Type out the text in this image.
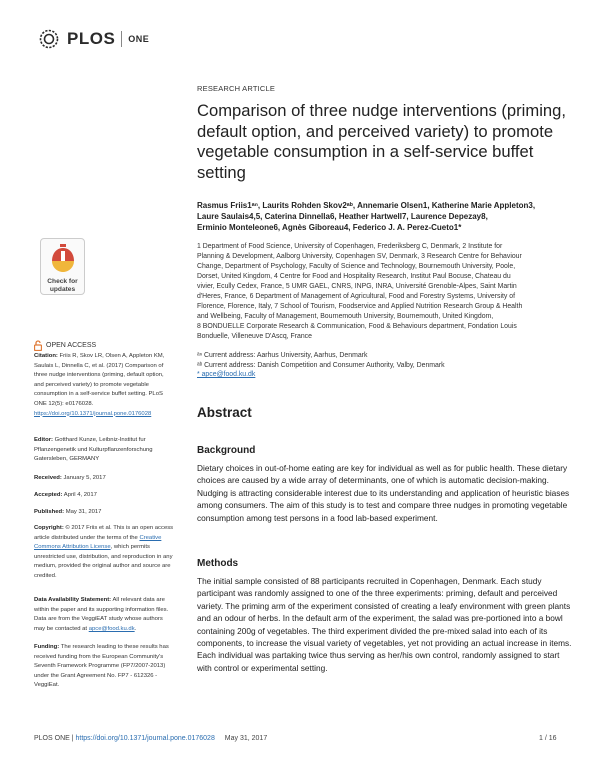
PLOS ONE
RESEARCH ARTICLE
Comparison of three nudge interventions (priming, default option, and perceived variety) to promote vegetable consumption in a self-service buffet setting
Rasmus Friis1ᵃⁿ, Laurits Rohden Skov2ᵃᵇ, Annemarie Olsen1, Katherine Marie Appleton3,
Laure Saulais4,5, Caterina Dinnella6, Heather Hartwell7, Laurence Depezay8,
Erminio Monteleone6, Agnès Giboreau4, Federico J. A. Perez-Cueto1*
1 Department of Food Science, University of Copenhagen, Frederiksberg C, Denmark, 2 Institute for
Planning & Development, Aalborg University, Copenhagen SV, Denmark, 3 Research Centre for Behaviour
Change, Department of Psychology, Faculty of Science and Technology, Bournemouth University, Poole,
Dorset, United Kingdom, 4 Centre for Food and Hospitality Research, Institut Paul Bocuse, Chateau du
vivier, Ecully Cedex, France, 5 UMR GAEL, CNRS, INPG, INRA, Université Grenoble-Alpes, Saint Martin
d'Heres, France, 6 Department of Management of Agricultural, Food and Forestry Systems, University of
Florence, Florence, Italy, 7 School of Tourism, Foodservice and Applied Nutrition Research Group & Health
and Wellbeing, Faculty of Management, Bournemouth University, Bournemouth, United Kingdom,
8 BONDUELLE Corporate Research & Communication, Food & Behaviours department, Fondation Louis
Bonduelle, Villeneuve D'Ascq, France
ᵃⁿ Current address: Aarhus University, Aarhus, Denmark
ᵃᵇ Current address: Danish Competition and Consumer Authority, Valby, Denmark
* apce@food.ku.dk
Check for
updates
OPEN ACCESS
Citation: Friis R, Skov LR, Olsen A, Appleton KM, Saulais L, Dinnella C, et al. (2017) Comparison of three nudge interventions (priming, default option, and perceived variety) to promote vegetable consumption in a self-service buffet setting. PLoS ONE 12(5): e0176028. https://doi.org/10.1371/journal.pone.0176028
Editor: Gotthard Kunze, Leibniz-Institut fur Pflanzengenetik und Kulturpflanzenforschung Gatersleben, GERMANY
Received: January 5, 2017
Accepted: April 4, 2017
Published: May 31, 2017
Copyright: © 2017 Friis et al. This is an open access article distributed under the terms of the Creative Commons Attribution License, which permits unrestricted use, distribution, and reproduction in any medium, provided the original author and source are credited.
Data Availability Statement: All relevant data are within the paper and its supporting information files. Data are from the VeggiEAT study whose authors may be contacted at apce@food.ku.dk.
Funding: The research leading to these results has received funding from the European Community's Seventh Framework Programme (FP7/2007-2013) under the Grant Agreement No. FP7 - 612326 - VeggiEat.
Abstract
Background

Dietary choices in out-of-home eating are key for individual as well as for public health. These dietary choices are caused by a wide array of determinants, one of which is automatic decision-making. Nudging is attracting considerable interest due to its understanding and application of heuristic biases among consumers. The aim of this study is to test and compare three nudges in promoting vegetable consumption among test persons in a food lab-based experiment.

Methods

The initial sample consisted of 88 participants recruited in Copenhagen, Denmark. Each study participant was randomly assigned to one of the three experiments: priming, default and perceived variety. The priming arm of the experiment consisted of creating a leafy environment with green plants and an odour of herbs. In the default arm of the experiment, the salad was pre-portioned into a bowl containing 200g of vegetables. The third experiment divided the pre-mixed salad into each of its components, to increase the visual variety of vegetables, yet not providing an actual increase in items. Each individual was partaking twice thus serving as her/his own control, randomly assigned to start with control or experimental setting.

PLOS ONE | https://doi.org/10.1371/journal.pone.0176028 May 31, 2017	1 / 16
